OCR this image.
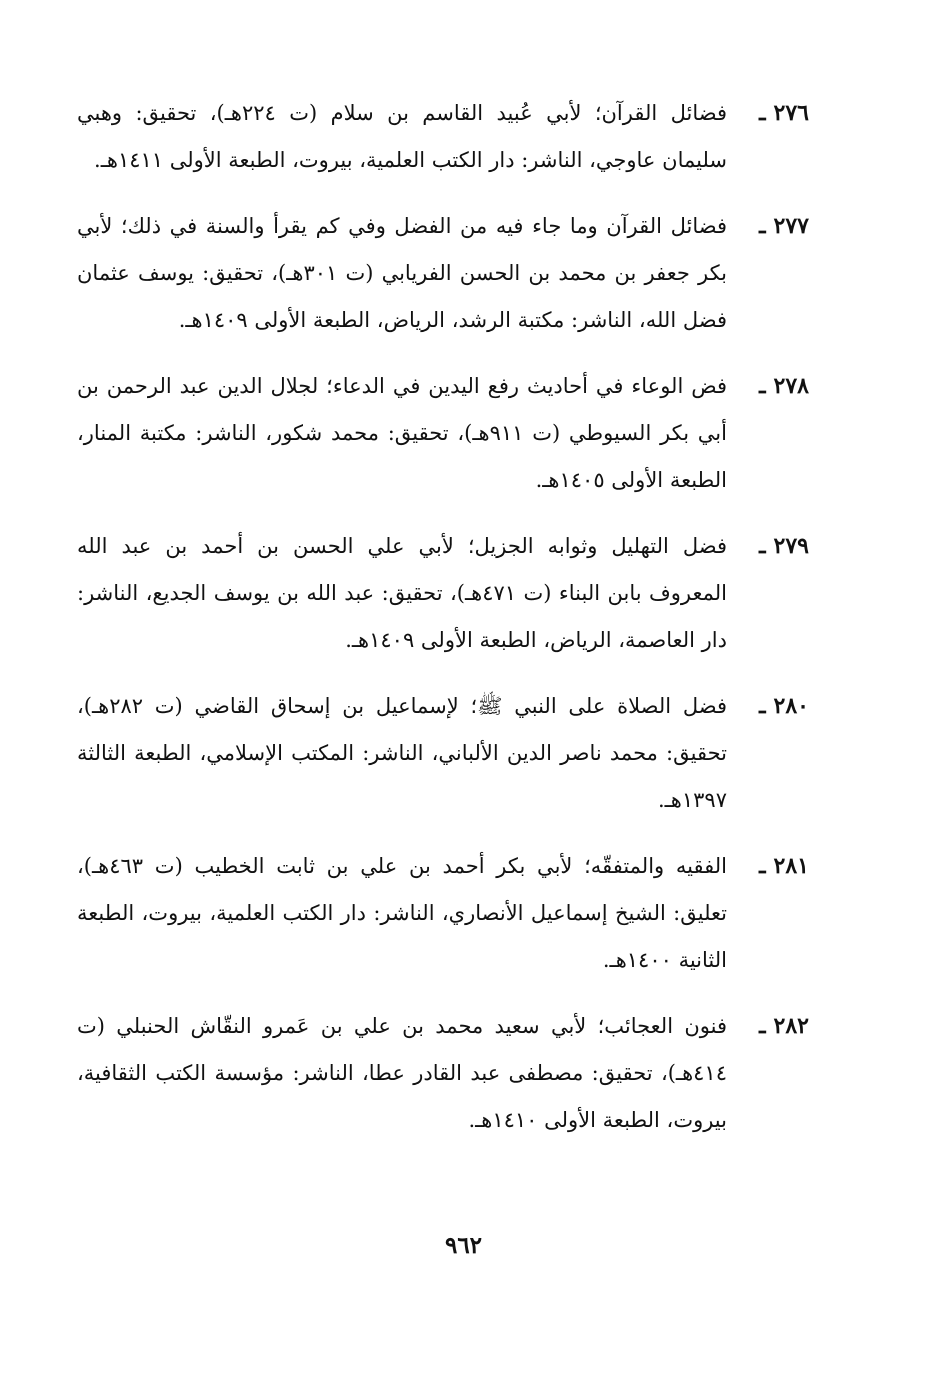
٢٧٦ـ
فضائل القرآن؛ لأبي عُبيد القاسم بن سلام (ت ٢٢٤هـ)، تحقيق: وهبي سليمان عاوجي، الناشر: دار الكتب العلمية، بيروت، الطبعة الأولى ١٤١١هـ.
٢٧٧ـ
فضائل القرآن وما جاء فيه من الفضل وفي كم يقرأ والسنة في ذلك؛ لأبي بكر جعفر بن محمد بن الحسن الفريابي (ت ٣٠١هـ)، تحقيق: يوسف عثمان فضل الله، الناشر: مكتبة الرشد، الرياض، الطبعة الأولى ١٤٠٩هـ.
٢٧٨ـ
فض الوعاء في أحاديث رفع اليدين في الدعاء؛ لجلال الدين عبد الرحمن بن أبي بكر السيوطي (ت ٩١١هـ)، تحقيق: محمد شكور، الناشر: مكتبة المنار، الطبعة الأولى ١٤٠٥هـ.
٢٧٩ـ
فضل التهليل وثوابه الجزيل؛ لأبي علي الحسن بن أحمد بن عبد الله المعروف بابن البناء (ت ٤٧١هـ)، تحقيق: عبد الله بن يوسف الجديع، الناشر: دار العاصمة، الرياض، الطبعة الأولى ١٤٠٩هـ.
٢٨٠ـ
فضل الصلاة على النبي ﷺ؛ لإسماعيل بن إسحاق القاضي (ت ٢٨٢هـ)، تحقيق: محمد ناصر الدين الألباني، الناشر: المكتب الإسلامي، الطبعة الثالثة ١٣٩٧هـ.
٢٨١ـ
الفقيه والمتفقّه؛ لأبي بكر أحمد بن علي بن ثابت الخطيب (ت ٤٦٣هـ)، تعليق: الشيخ إسماعيل الأنصاري، الناشر: دار الكتب العلمية، بيروت، الطبعة الثانية ١٤٠٠هـ.
٢٨٢ـ
فنون العجائب؛ لأبي سعيد محمد بن علي بن عَمرو النقّاش الحنبلي (ت ٤١٤هـ)، تحقيق: مصطفى عبد القادر عطا، الناشر: مؤسسة الكتب الثقافية، بيروت، الطبعة الأولى ١٤١٠هـ.
٩٦٢
